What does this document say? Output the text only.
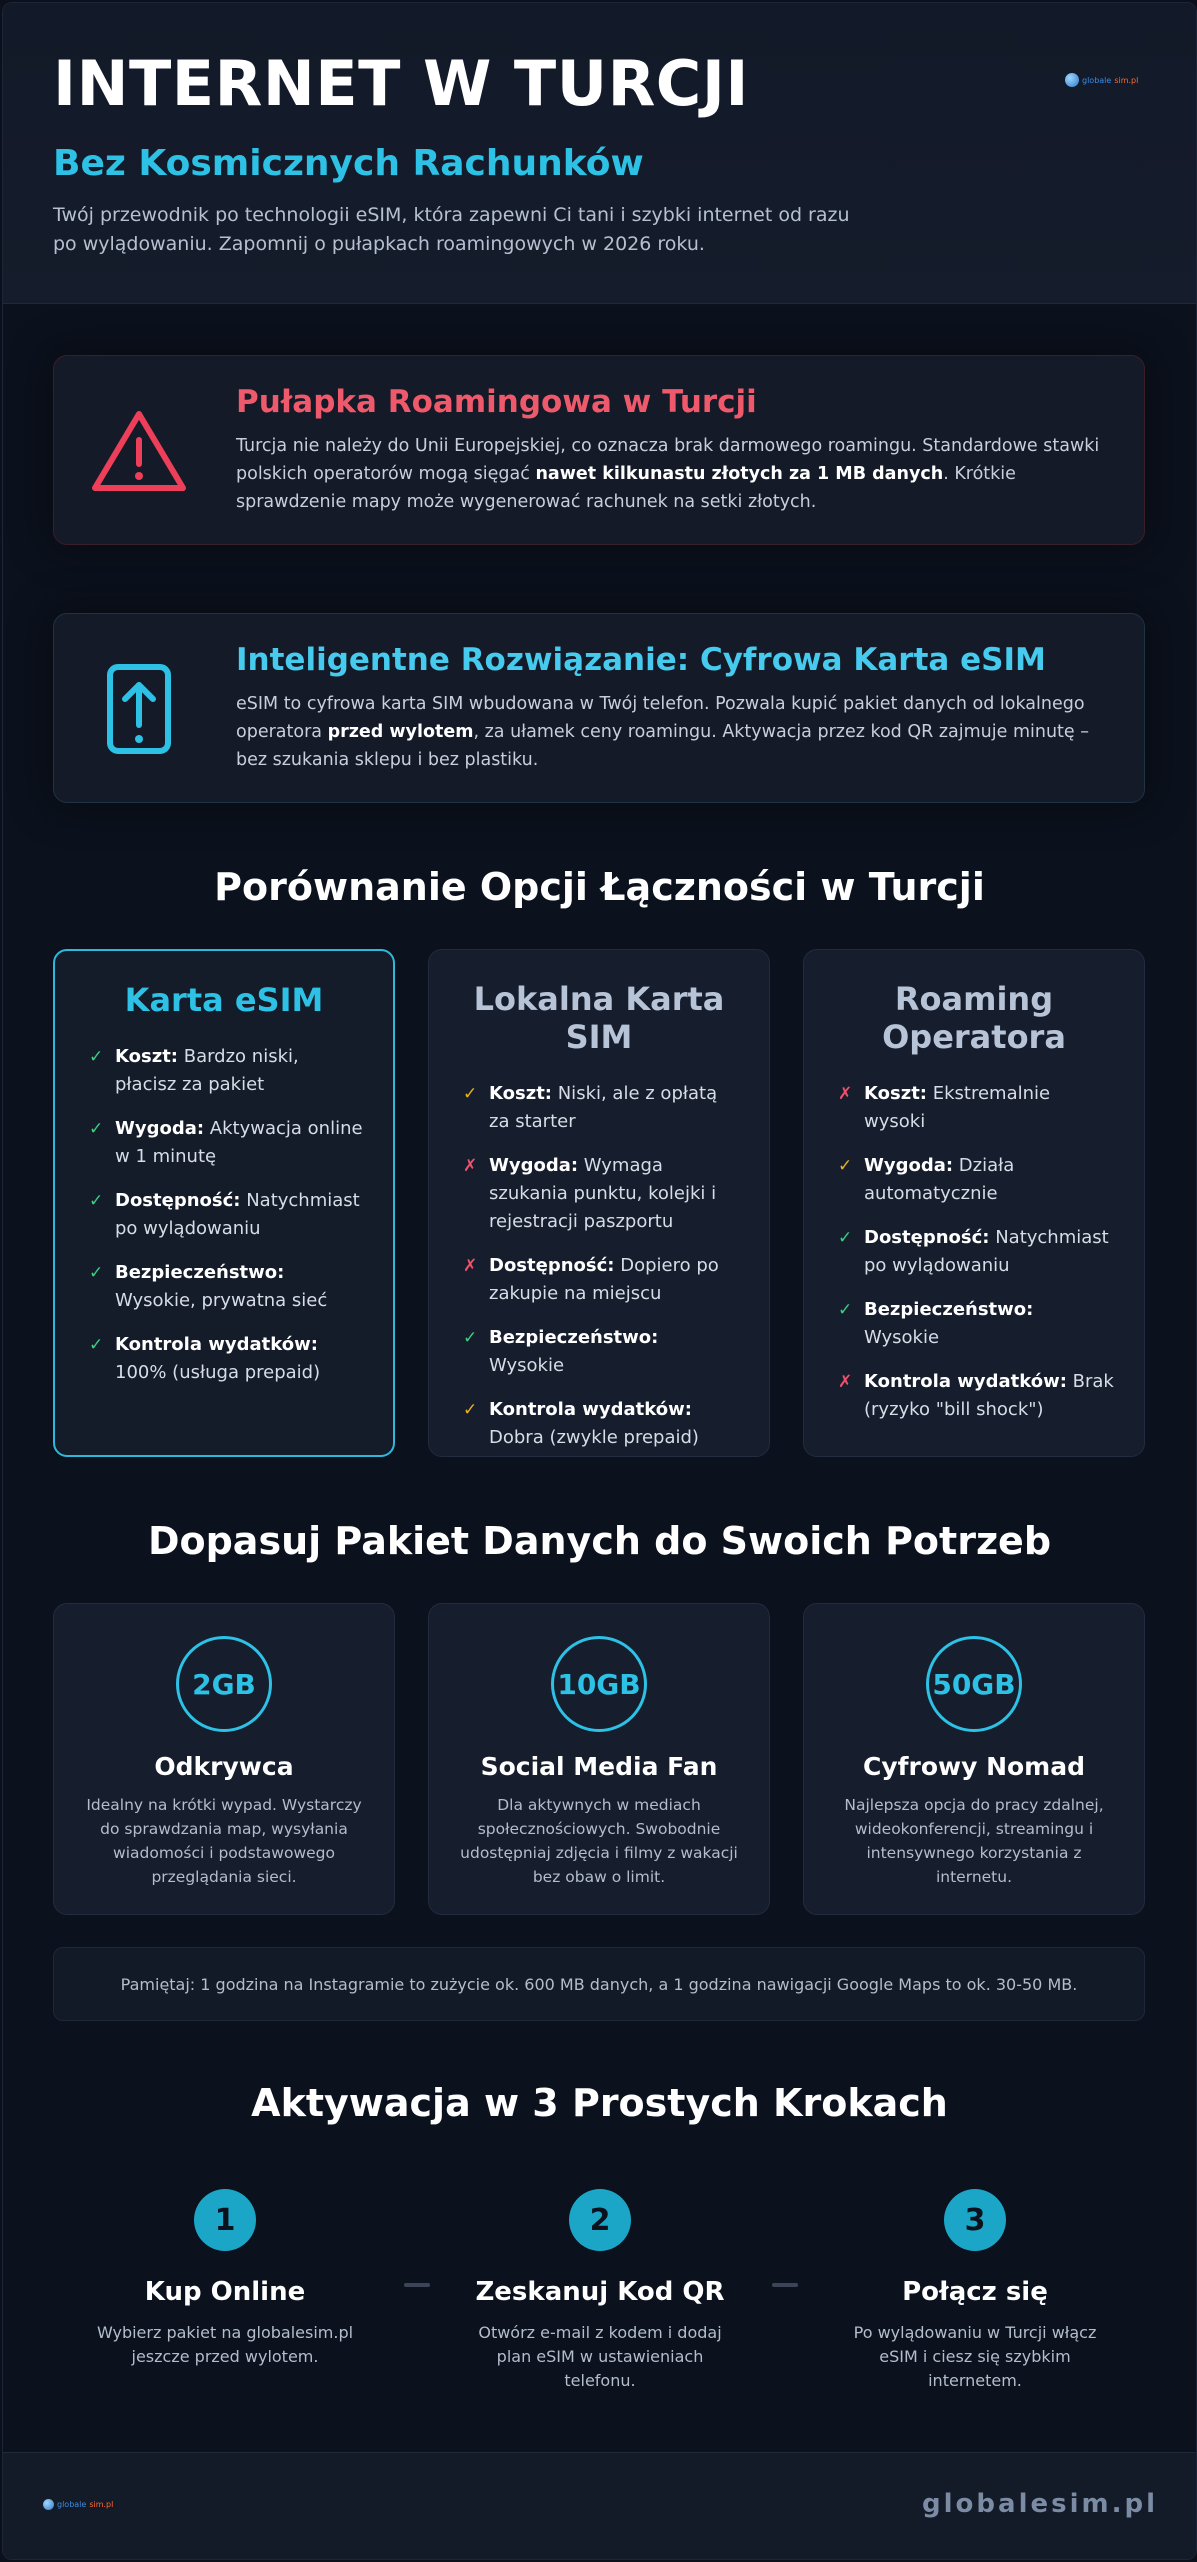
INTERNET W TURCJI
Bez Kosmicznych Rachunków

Twój przewodnik po technologii eSIM, która zapewni Ci tani i szybki internet od razu po wylądowaniu. Zapomnij o pułapkach roamingowych w 2026 roku.

globale sim.pl
Pułapka Roamingowa w Turcji

Turcja nie należy do Unii Europejskiej, co oznacza brak darmowego roamingu. Standardowe stawki polskich operatorów mogą sięgać nawet kilkunastu złotych za 1 MB danych. Krótkie sprawdzenie mapy może wygenerować rachunek na setki złotych.

Inteligentne Rozwiązanie: Cyfrowa Karta eSIM

eSIM to cyfrowa karta SIM wbudowana w Twój telefon. Pozwala kupić pakiet danych od lokalnego operatora przed wylotem, za ułamek ceny roamingu. Aktywacja przez kod QR zajmuje minutę – bez szukania sklepu i bez plastiku.

Porównanie Opcji Łączności w Turcji
Karta eSIM
✓ Koszt: Bardzo niski, płacisz za pakiet
✓ Wygoda: Aktywacja online w 1 minutę
✓ Dostępność: Natychmiast po wylądowaniu
✓ Bezpieczeństwo: Wysokie, prywatna sieć
✓ Kontrola wydatków: 100% (usługa prepaid)
Lokalna Karta SIM
✓ Koszt: Niski, ale z opłatą za starter
✗ Wygoda: Wymaga szukania punktu, kolejki i rejestracji paszportu
✗ Dostępność: Dopiero po zakupie na miejscu
✓ Bezpieczeństwo: Wysokie
✓ Kontrola wydatków: Dobra (zwykle prepaid)
Roaming Operatora
✗ Koszt: Ekstremalnie wysoki
✓ Wygoda: Działa automatycznie
✓ Dostępność: Natychmiast po wylądowaniu
✓ Bezpieczeństwo: Wysokie
✗ Kontrola wydatków: Brak (ryzyko "bill shock")
Dopasuj Pakiet Danych do Swoich Potrzeb
2GB
Odkrywca

Idealny na krótki wypad. Wystarczy do sprawdzania map, wysyłania wiadomości i podstawowego przeglądania sieci.

10GB
Social Media Fan

Dla aktywnych w mediach społecznościowych. Swobodnie udostępniaj zdjęcia i filmy z wakacji bez obaw o limit.

50GB
Cyfrowy Nomad

Najlepsza opcja do pracy zdalnej, wideokonferencji, streamingu i intensywnego korzystania z internetu.

Pamiętaj: 1 godzina na Instagramie to zużycie ok. 600 MB danych, a 1 godzina nawigacji Google Maps to ok. 30-50 MB.
Aktywacja w 3 Prostych Krokach
1
Kup Online

Wybierz pakiet na globalesim.pl jeszcze przed wylotem.

2
Zeskanuj Kod QR

Otwórz e-mail z kodem i dodaj plan eSIM w ustawieniach telefonu.

3
Połącz się

Po wylądowaniu w Turcji włącz eSIM i ciesz się szybkim internetem.

globale sim.pl	globalesim.pl
